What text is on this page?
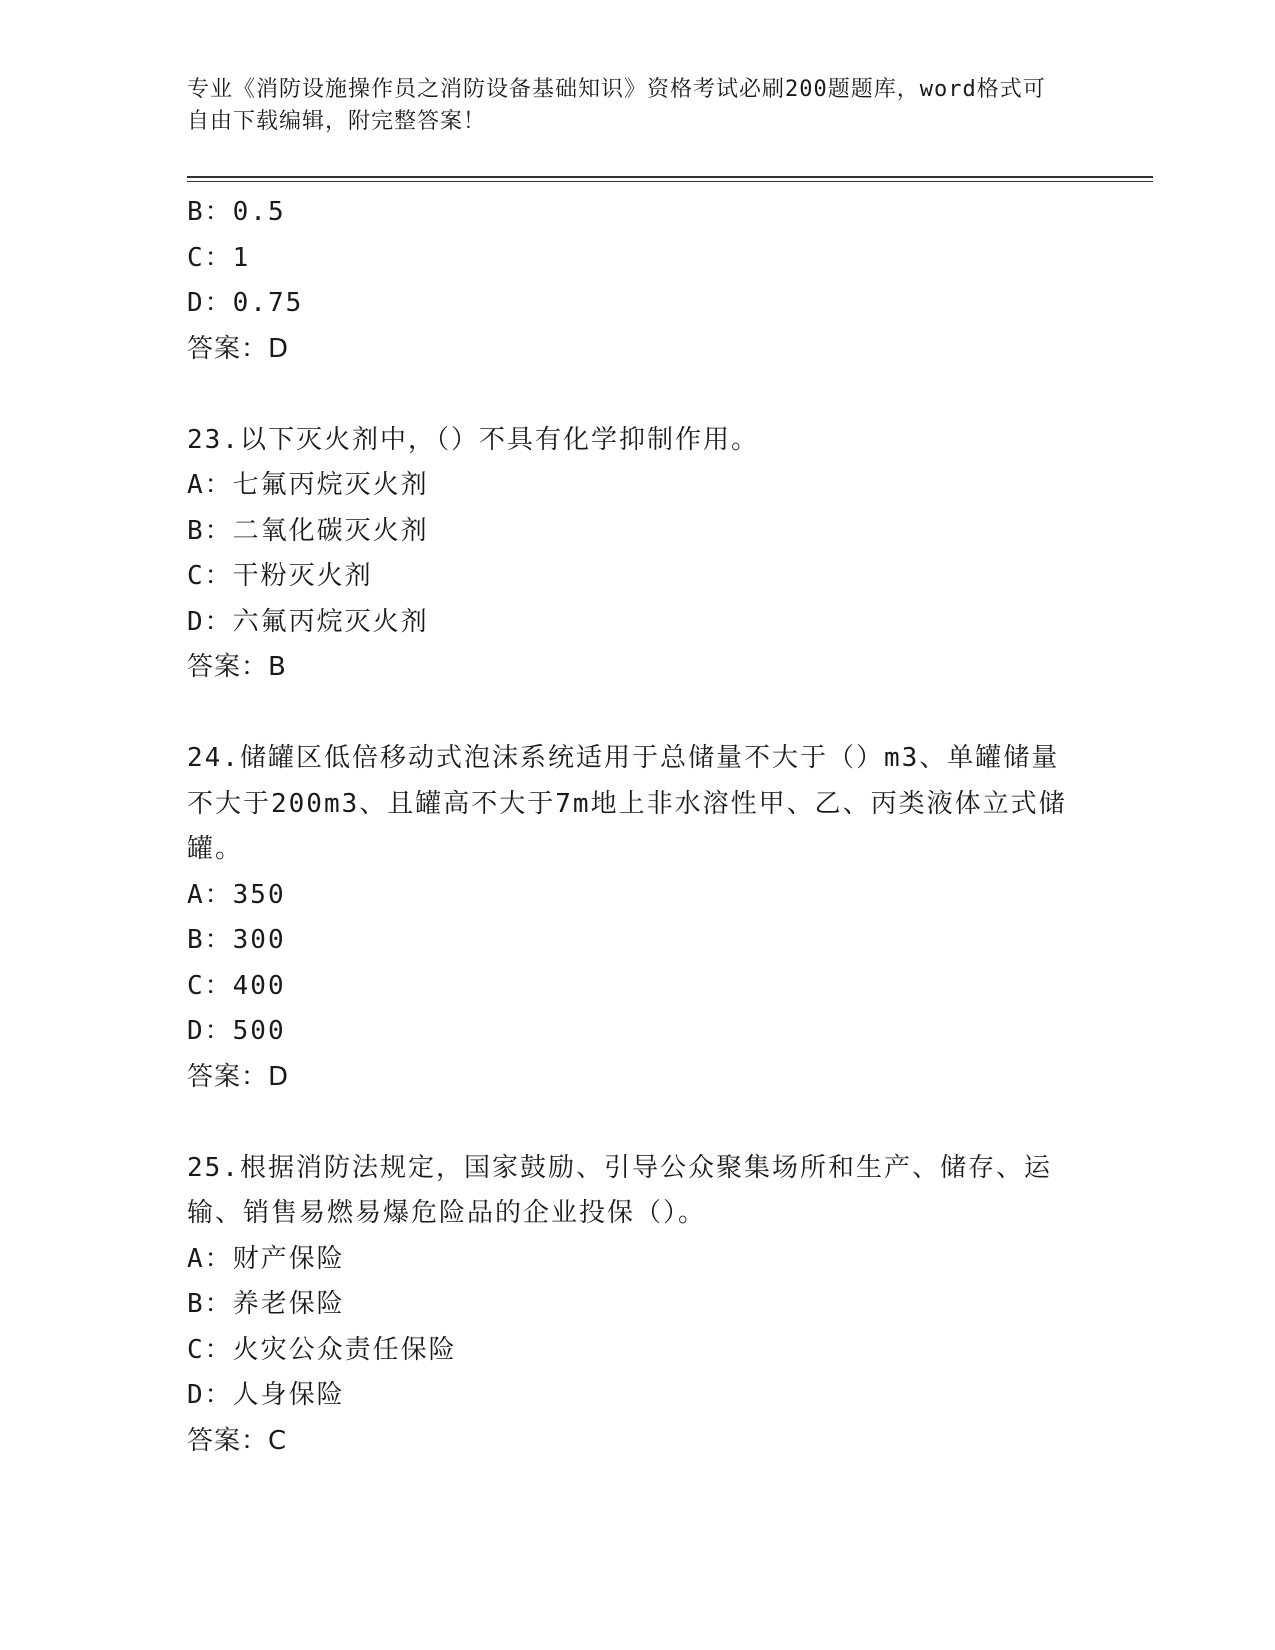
专业《消防设施操作员之消防设备基础知识》资格考试必刷200题题库，word格式可自由下载编辑，附完整答案！
B：0.5
C：1
D：0.75
答案：D
23.以下灭火剂中，（）不具有化学抑制作用。
A：七氟丙烷灭火剂
B：二氧化碳灭火剂
C：干粉灭火剂
D：六氟丙烷灭火剂
答案：B
24.储罐区低倍移动式泡沫系统适用于总储量不大于（）m3、单罐储量不大于200m3、且罐高不大于7m地上非水溶性甲、乙、丙类液体立式储罐。
A：350
B：300
C：400
D：500
答案：D
25.根据消防法规定，国家鼓励、引导公众聚集场所和生产、储存、运输、销售易燃易爆危险品的企业投保（）。
A：财产保险
B：养老保险
C：火灾公众责任保险
D：人身保险
答案：C
